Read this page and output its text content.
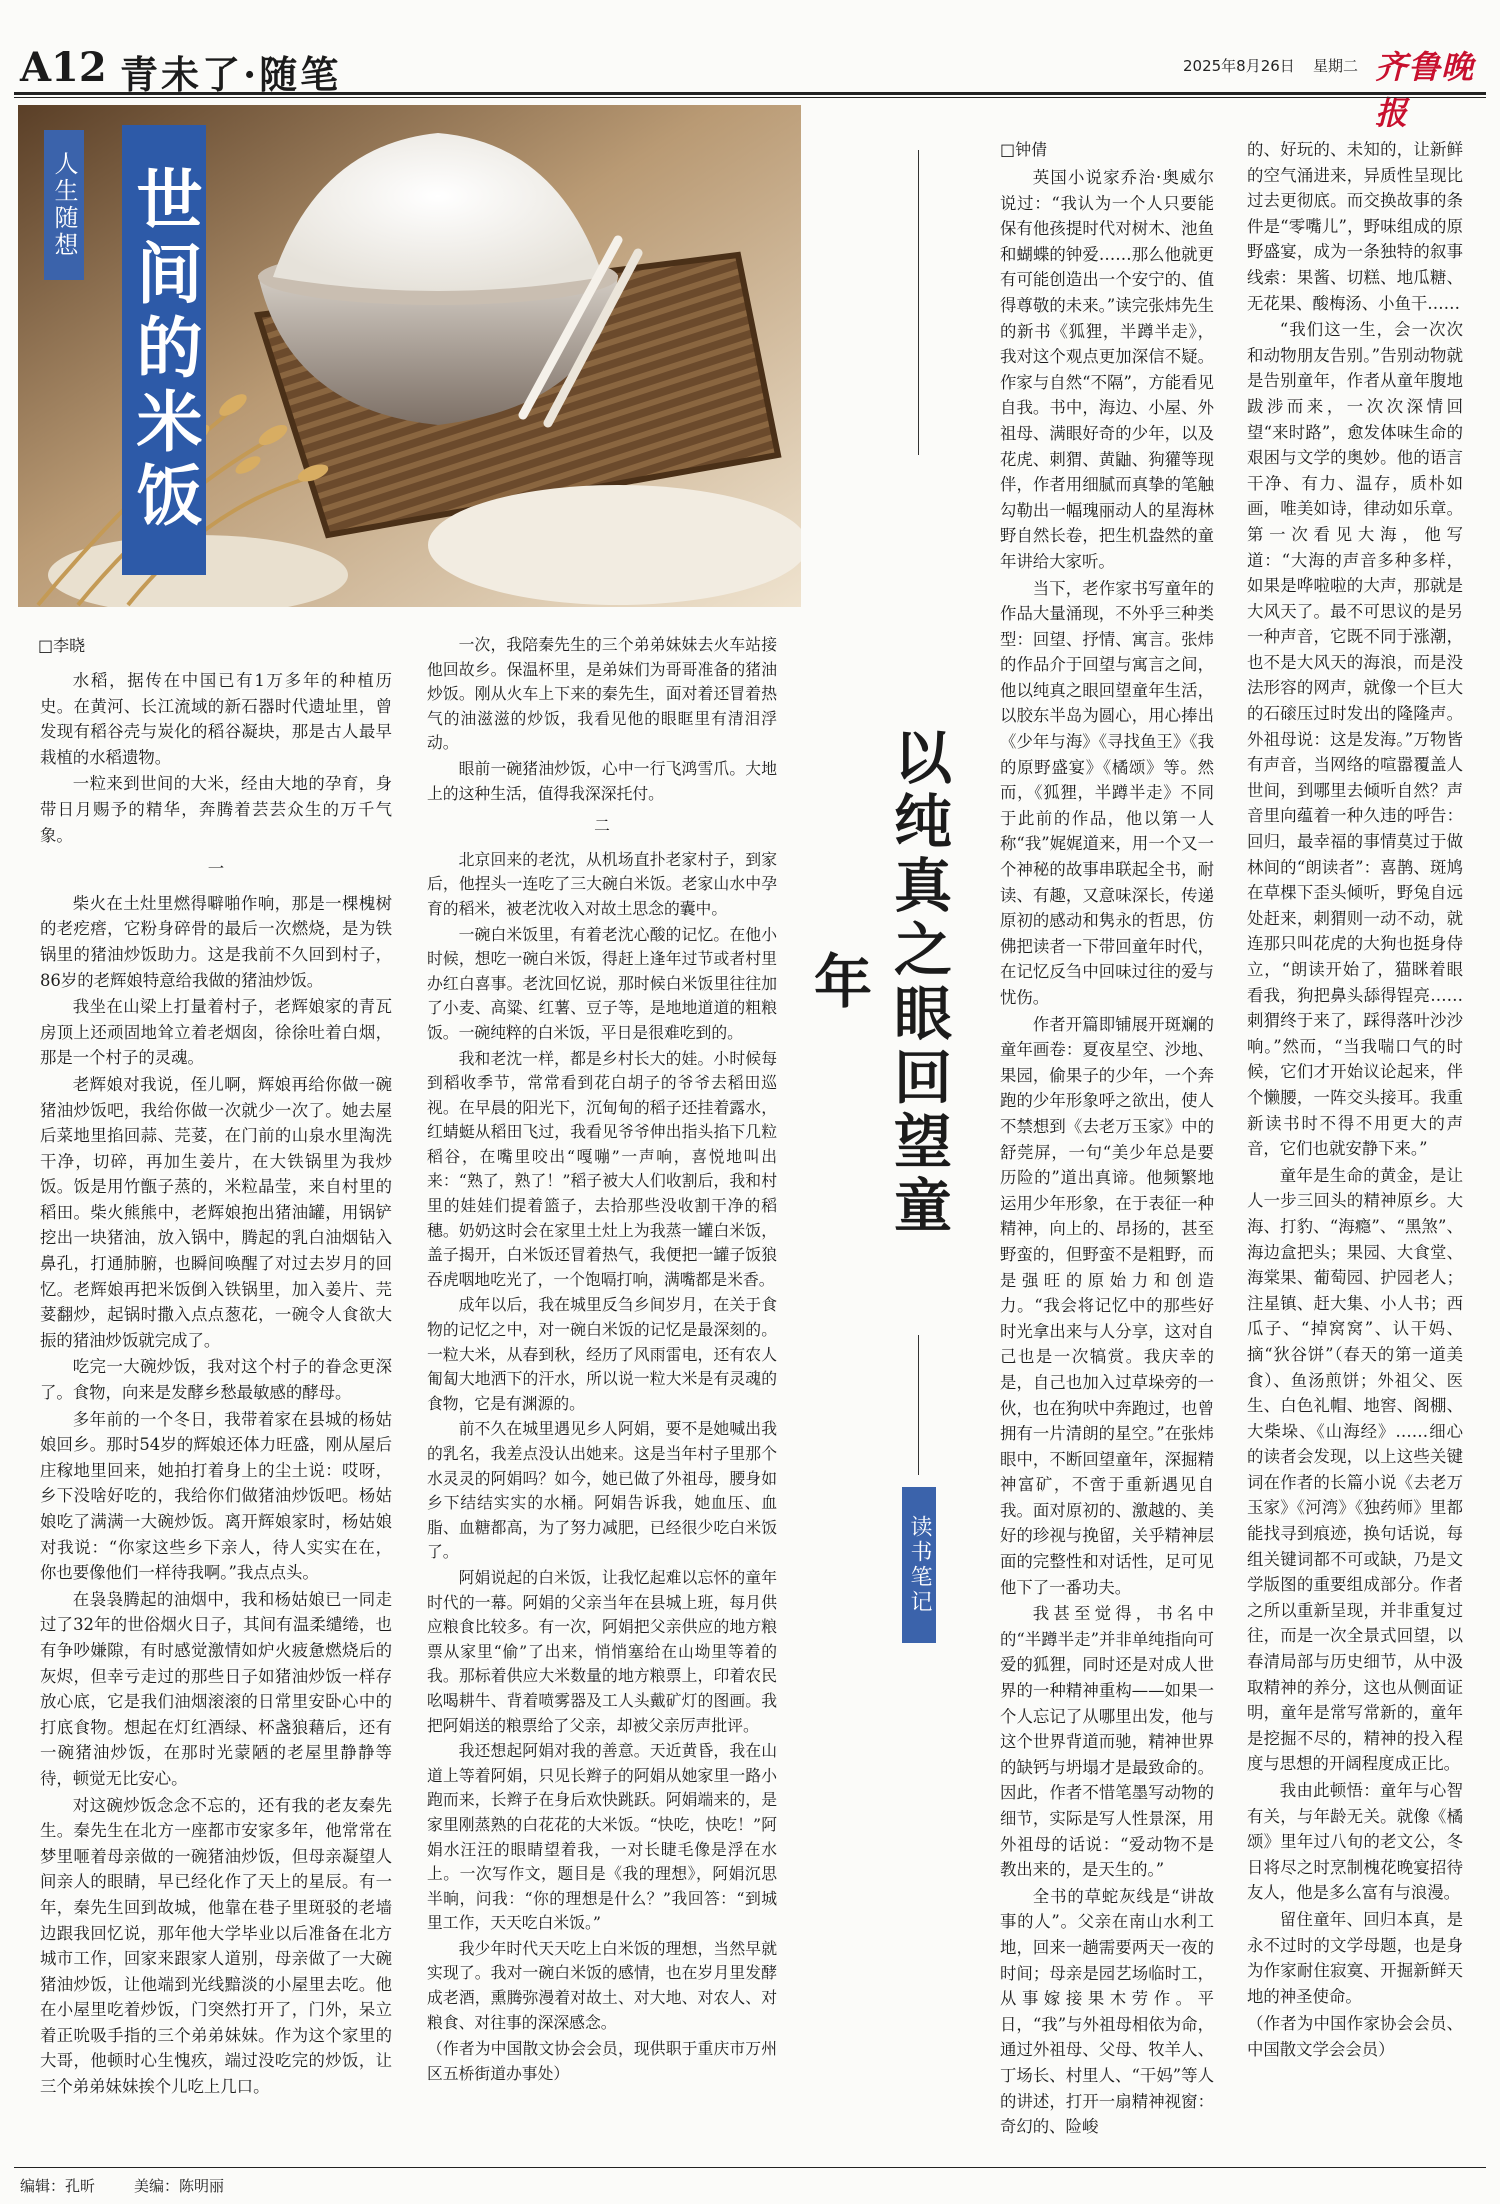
A12 青未了·随笔	2025年8月26日 星期二 齐鲁晚报
人生随想 世间的米饭
□李晓

水稻，据传在中国已有1万多年的种植历史。在黄河、长江流域的新石器时代遗址里，曾发现有稻谷壳与炭化的稻谷凝块，那是古人最早栽植的水稻遗物。

一粒来到世间的大米，经由大地的孕育，身带日月赐予的精华，奔腾着芸芸众生的万千气象。

一

柴火在土灶里燃得噼啪作响，那是一棵槐树的老疙瘩，它粉身碎骨的最后一次燃烧，是为铁锅里的猪油炒饭助力。这是我前不久回到村子，86岁的老辉娘特意给我做的猪油炒饭。

我坐在山梁上打量着村子，老辉娘家的青瓦房顶上还顽固地耸立着老烟囱，徐徐吐着白烟，那是一个村子的灵魂。

老辉娘对我说，侄儿啊，辉娘再给你做一碗猪油炒饭吧，我给你做一次就少一次了。她去屋后菜地里掐回蒜、芫荽，在门前的山泉水里淘洗干净，切碎，再加生姜片，在大铁锅里为我炒饭。饭是用竹甑子蒸的，米粒晶莹，来自村里的稻田。柴火熊熊中，老辉娘抱出猪油罐，用锅铲挖出一块猪油，放入锅中，腾起的乳白油烟钻入鼻孔，打通肺腑，也瞬间唤醒了对过去岁月的回忆。老辉娘再把米饭倒入铁锅里，加入姜片、芫荽翻炒，起锅时撒入点点葱花，一碗令人食欲大振的猪油炒饭就完成了。

吃完一大碗炒饭，我对这个村子的眷念更深了。食物，向来是发酵乡愁最敏感的酵母。

多年前的一个冬日，我带着家在县城的杨姑娘回乡。那时54岁的辉娘还体力旺盛，刚从屋后庄稼地里回来，她拍打着身上的尘土说：哎呀，乡下没啥好吃的，我给你们做猪油炒饭吧。杨姑娘吃了满满一大碗炒饭。离开辉娘家时，杨姑娘对我说：“你家这些乡下亲人，待人实实在在，你也要像他们一样待我啊。”我点点头。

在袅袅腾起的油烟中，我和杨姑娘已一同走过了32年的世俗烟火日子，其间有温柔缱绻，也有争吵嫌隙，有时感觉激情如炉火疲惫燃烧后的灰烬，但幸亏走过的那些日子如猪油炒饭一样存放心底，它是我们油烟滚滚的日常里安卧心中的打底食物。想起在灯红酒绿、杯盏狼藉后，还有一碗猪油炒饭，在那时光蒙陋的老屋里静静等待，顿觉无比安心。

对这碗炒饭念念不忘的，还有我的老友秦先生。秦先生在北方一座都市安家多年，他常常在梦里咂着母亲做的一碗猪油炒饭，但母亲凝望人间亲人的眼睛，早已经化作了天上的星辰。有一年，秦先生回到故城，他靠在巷子里斑驳的老墙边跟我回忆说，那年他大学毕业以后准备在北方城市工作，回家来跟家人道别，母亲做了一大碗猪油炒饭，让他端到光线黯淡的小屋里去吃。他在小屋里吃着炒饭，门突然打开了，门外，呆立着正吮吸手指的三个弟弟妹妹。作为这个家里的大哥，他顿时心生愧疚，端过没吃完的炒饭，让三个弟弟妹妹挨个儿吃上几口。

一次，我陪秦先生的三个弟弟妹妹去火车站接他回故乡。保温杯里，是弟妹们为哥哥准备的猪油炒饭。刚从火车上下来的秦先生，面对着还冒着热气的油滋滋的炒饭，我看见他的眼眶里有清泪浮动。

眼前一碗猪油炒饭，心中一行飞鸿雪爪。大地上的这种生活，值得我深深托付。

二

北京回来的老沈，从机场直扑老家村子，到家后，他捏头一连吃了三大碗白米饭。老家山水中孕育的稻米，被老沈收入对故土思念的囊中。

一碗白米饭里，有着老沈心酸的记忆。在他小时候，想吃一碗白米饭，得赶上逢年过节或者村里办红白喜事。老沈回忆说，那时候白米饭里往往加了小麦、高粱、红薯、豆子等，是地地道道的粗粮饭。一碗纯粹的白米饭，平日是很难吃到的。

我和老沈一样，都是乡村长大的娃。小时候每到稻收季节，常常看到花白胡子的爷爷去稻田巡视。在早晨的阳光下，沉甸甸的稻子还挂着露水，红蜻蜓从稻田飞过，我看见爷爷伸出指头掐下几粒稻谷，在嘴里咬出“嘎嘣”一声响，喜悦地叫出来：“熟了，熟了！”稻子被大人们收割后，我和村里的娃娃们提着篮子，去拾那些没收割干净的稻穗。奶奶这时会在家里土灶上为我蒸一罐白米饭，盖子揭开，白米饭还冒着热气，我便把一罐子饭狼吞虎咽地吃光了，一个饱嗝打响，满嘴都是米香。

成年以后，我在城里反刍乡间岁月，在关于食物的记忆之中，对一碗白米饭的记忆是最深刻的。一粒大米，从春到秋，经历了风雨雷电，还有农人匍匐大地洒下的汗水，所以说一粒大米是有灵魂的食物，它是有渊源的。

前不久在城里遇见乡人阿娟，要不是她喊出我的乳名，我差点没认出她来。这是当年村子里那个水灵灵的阿娟吗？如今，她已做了外祖母，腰身如乡下结结实实的水桶。阿娟告诉我，她血压、血脂、血糖都高，为了努力减肥，已经很少吃白米饭了。

阿娟说起的白米饭，让我忆起难以忘怀的童年时代的一幕。阿娟的父亲当年在县城上班，每月供应粮食比较多。有一次，阿娟把父亲供应的地方粮票从家里“偷”了出来，悄悄塞给在山坳里等着的我。那标着供应大米数量的地方粮票上，印着农民吆喝耕牛、背着喷雾器及工人头戴矿灯的图画。我把阿娟送的粮票给了父亲，却被父亲厉声批评。

我还想起阿娟对我的善意。天近黄昏，我在山道上等着阿娟，只见长辫子的阿娟从她家里一路小跑而来，长辫子在身后欢快跳跃。阿娟端来的，是家里刚蒸熟的白花花的大米饭。“快吃，快吃！”阿娟水汪汪的眼睛望着我，一对长睫毛像是浮在水上。一次写作文，题目是《我的理想》，阿娟沉思半晌，问我：“你的理想是什么？”我回答：“到城里工作，天天吃白米饭。”

我少年时代天天吃上白米饭的理想，当然早就实现了。我对一碗白米饭的感情，也在岁月里发酵成老酒，熏腾弥漫着对故土、对大地、对农人、对粮食、对往事的深深感念。

（作者为中国散文协会会员，现供职于重庆市万州区五桥街道办事处）

以纯真之眼回望童年
读书笔记
□钟倩

英国小说家乔治·奥威尔说过：“我认为一个人只要能保有他孩提时代对树木、池鱼和蝴蝶的钟爱……那么他就更有可能创造出一个安宁的、值得尊敬的未来。”读完张炜先生的新书《狐狸，半蹲半走》，我对这个观点更加深信不疑。作家与自然“不隔”，方能看见自我。书中，海边、小屋、外祖母、满眼好奇的少年，以及花虎、刺猬、黄鼬、狗獾等现伴，作者用细腻而真挚的笔触勾勒出一幅瑰丽动人的星海林野自然长卷，把生机盎然的童年讲给大家听。

当下，老作家书写童年的作品大量涌现，不外乎三种类型：回望、抒情、寓言。张炜的作品介于回望与寓言之间，他以纯真之眼回望童年生活，以胶东半岛为圆心，用心捧出《少年与海》《寻找鱼王》《我的原野盛宴》《橘颂》等。然而，《狐狸，半蹲半走》不同于此前的作品，他以第一人称“我”娓娓道来，用一个又一个神秘的故事串联起全书，耐读、有趣，又意味深长，传递原初的感动和隽永的哲思，仿佛把读者一下带回童年时代，在记忆反刍中回味过往的爱与忧伤。

作者开篇即铺展开斑斓的童年画卷：夏夜星空、沙地、果园，偷果子的少年，一个奔跑的少年形象呼之欲出，使人不禁想到《去老万玉家》中的舒莞屏，一句“美少年总是要历险的”道出真谛。他频繁地运用少年形象，在于表征一种精神，向上的、昂扬的，甚至野蛮的，但野蛮不是粗野，而是强旺的原始力和创造力。“我会将记忆中的那些好时光拿出来与人分享，这对自己也是一次犒赏。我庆幸的是，自己也加入过草垛旁的一伙，也在狗吠中奔跑过，也曾拥有一片清朗的星空。”在张炜眼中，不断回望童年，深掘精神富矿，不啻于重新遇见自我。面对原初的、激越的、美好的珍视与挽留，关乎精神层面的完整性和对话性，足可见他下了一番功夫。

我甚至觉得，书名中的“半蹲半走”并非单纯指向可爱的狐狸，同时还是对成人世界的一种精神重构——如果一个人忘记了从哪里出发，他与这个世界背道而驰，精神世界的缺钙与坍塌才是最致命的。因此，作者不惜笔墨写动物的细节，实际是写人性景深，用外祖母的话说：“爱动物不是教出来的，是天生的。”

全书的草蛇灰线是“讲故事的人”。父亲在南山水利工地，回来一趟需要两天一夜的时间；母亲是园艺场临时工，从事嫁接果木劳作。平日，“我”与外祖母相依为命，通过外祖母、父母、牧羊人、丁场长、村里人、“干妈”等人的讲述，打开一扇精神视窗：奇幻的、险峻

的、好玩的、未知的，让新鲜的空气涌进来，异质性呈现比过去更彻底。而交换故事的条件是“零嘴儿”，野味组成的原野盛宴，成为一条独特的叙事线索：果酱、切糕、地瓜糖、无花果、酸梅汤、小鱼干……

“我们这一生，会一次次和动物朋友告别。”告别动物就是告别童年，作者从童年腹地跋涉而来，一次次深情回望“来时路”，愈发体味生命的艰困与文学的奥妙。他的语言干净、有力、温存，质朴如画，唯美如诗，律动如乐章。第一次看见大海，他写道：“大海的声音多种多样，如果是哗啦啦的大声，那就是大风天了。最不可思议的是另一种声音，它既不同于涨潮，也不是大风天的海浪，而是没法形容的网声，就像一个巨大的石磙压过时发出的隆隆声。外祖母说：这是发海。”万物皆有声音，当网络的喧嚣覆盖人世间，到哪里去倾听自然？声音里向蕴着一种久违的呼告：回归，最幸福的事情莫过于做林间的“朗读者”：喜鹊、斑鸠在草棵下歪头倾听，野兔自远处赶来，刺猬则一动不动，就连那只叫花虎的大狗也挺身侍立，“朗读开始了，猫眯着眼看我，狗把鼻头舔得锃亮……刺猬终于来了，踩得落叶沙沙响。”然而，“当我喘口气的时候，它们才开始议论起来，伴个懒腰，一阵交头接耳。我重新读书时不得不用更大的声音，它们也就安静下来。”

童年是生命的黄金，是让人一步三回头的精神原乡。大海、打豹、“海瘾”、“黑煞”、海边盒把头；果园、大食堂、海棠果、葡萄园、护园老人；注星镇、赶大集、小人书；西瓜子、“掉窝窝”、认干妈、摘“狄谷饼”（春天的第一道美食）、鱼汤煎饼；外祖父、医生、白色礼帽、地窖、阁棚、大柴垛、《山海经》……细心的读者会发现，以上这些关键词在作者的长篇小说《去老万玉家》《河湾》《独药师》里都能找寻到痕迹，换句话说，每组关键词都不可或缺，乃是文学版图的重要组成部分。作者之所以重新呈现，并非重复过往，而是一次全景式回望，以春清局部与历史细节，从中汲取精神的养分，这也从侧面证明，童年是常写常新的，童年是挖掘不尽的，精神的投入程度与思想的开阔程度成正比。

我由此顿悟：童年与心智有关，与年龄无关。就像《橘颂》里年过八旬的老文公，冬日将尽之时烹制槐花晚宴招待友人，他是多么富有与浪漫。

留住童年、回归本真，是永不过时的文学母题，也是身为作家耐住寂寞、开掘新鲜天地的神圣使命。

（作者为中国作家协会会员、中国散文学会会员）

编辑：孔昕	美编：陈明丽
